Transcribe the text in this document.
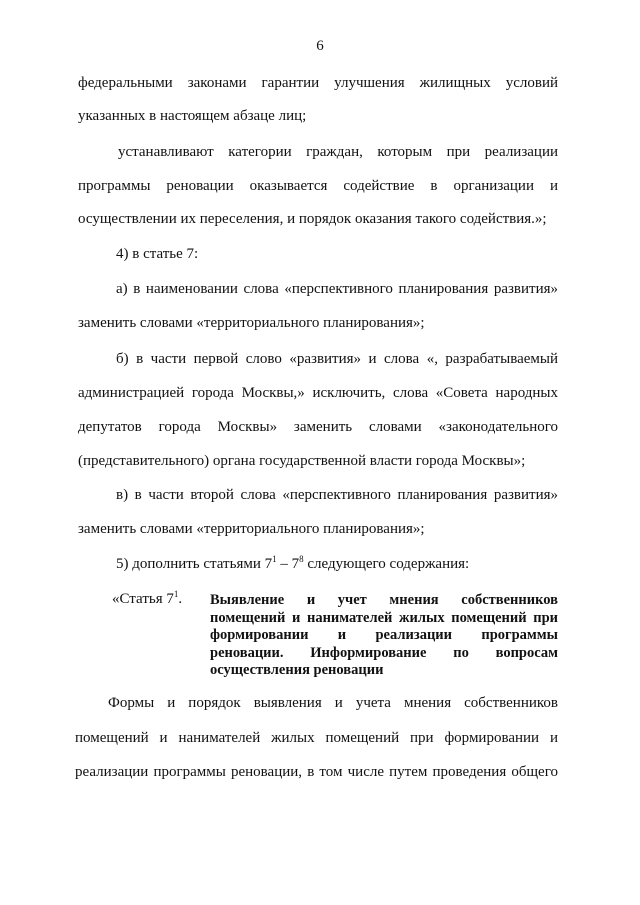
6
федеральными законами гарантии улучшения жилищных условий
указанных в настоящем абзаце лиц;
устанавливают категории граждан, которым при реализации
программы реновации оказывается содействие в организации и
осуществлении их переселения, и порядок оказания такого содействия.»;
4) в статье 7:
а) в наименовании слова «перспективного планирования развития»
заменить словами «территориального планирования»;
б) в части первой слово «развития» и слова «, разрабатываемый
администрацией города Москвы,» исключить, слова «Совета народных
депутатов города Москвы» заменить словами «законодательного
(представительного) органа государственной власти города Москвы»;
в) в части второй слова «перспективного планирования развития»
заменить словами «территориального планирования»;
5) дополнить статьями $7^1 - 7^8$ следующего содержания:
«Статья $7^1$. Выявление и учет мнения собственников
помещений и нанимателей жилых помещений при
формировании и реализации программы
реновации. Информирование по вопросам
осуществления реновации
Формы и порядок выявления и учета мнения собственников
помещений и нанимателей жилых помещений при формировании и
реализации программы реновации, в том числе путем проведения общего
